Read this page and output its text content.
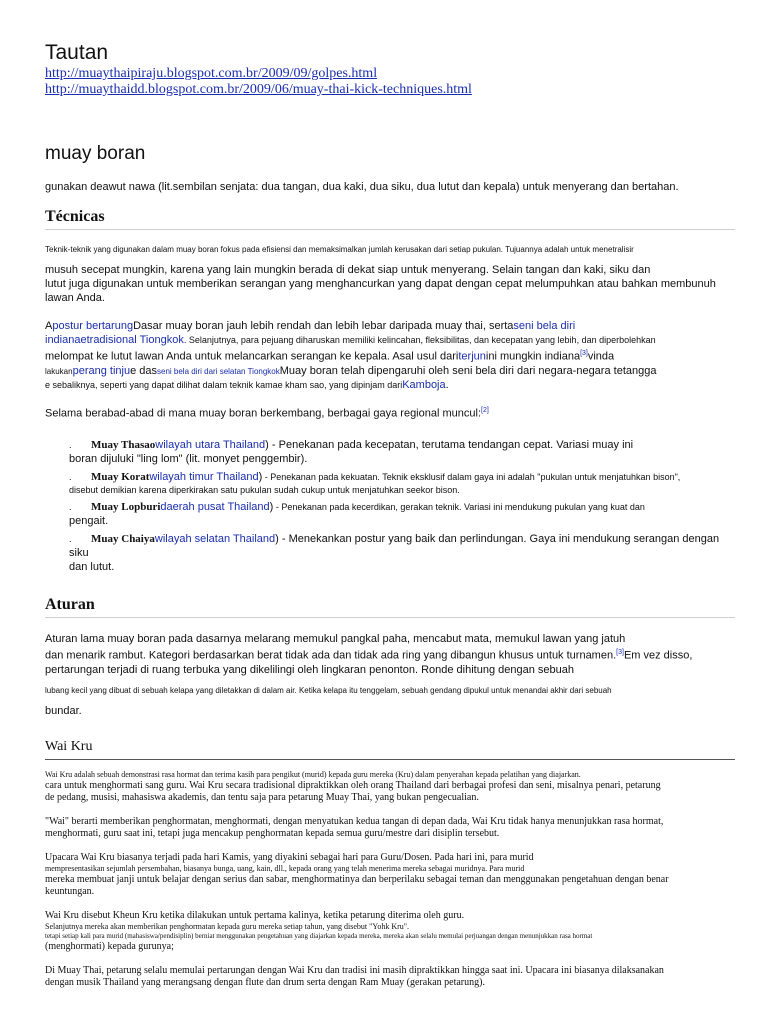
Tautan
http://muaythaipiraju.blogspot.com.br/2009/09/golpes.html
http://muaythaidd.blogspot.com.br/2009/06/muay-thai-kick-techniques.html
muay boran

gunakan deawut nawa (lit.sembilan senjata: dua tangan, dua kaki, dua siku, dua lutut dan kepala) untuk menyerang dan bertahan.

Técnicas

Teknik-teknik yang digunakan dalam muay boran fokus pada efisiensi dan memaksimalkan jumlah kerusakan dari setiap pukulan. Tujuannya adalah untuk menetralisir

musuh secepat mungkin, karena yang lain mungkin berada di dekat siap untuk menyerang. Selain tangan dan kaki, siku dan

lutut juga digunakan untuk memberikan serangan yang menghancurkan yang dapat dengan cepat melumpuhkan atau bahkan membunuh lawan Anda.

Apostur bertarungDasar muay boran jauh lebih rendah dan lebih lebar daripada muay thai, sertaseni bela diri

indianaetradisional Tiongkok. Selanjutnya, para pejuang diharuskan memiliki kelincahan, fleksibilitas, dan kecepatan yang lebih, dan diperbolehkan

melompat ke lutut lawan Anda untuk melancarkan serangan ke kepala. Asal usul dariterjunini mungkin indiana[3]vinda

lakukanperang tinjue dasseni bela diri dari selatan TiongkokMuay boran telah dipengaruhi oleh seni bela diri dari negara-negara tetangga

e sebaliknya, seperti yang dapat dilihat dalam teknik kamae kham sao, yang dipinjam dariKamboja.

Selama berabad-abad di mana muay boran berkembang, berbagai gaya regional muncul:[2]

. Muay Thasaowilayah utara Thailand) - Penekanan pada kecepatan, terutama tendangan cepat. Variasi muay ini
boran dijuluki "ling lom" (lit. monyet penggembir).
. Muay Koratwilayah timur Thailand) - Penekanan pada kekuatan. Teknik eksklusif dalam gaya ini adalah "pukulan untuk menjatuhkan bison",
disebut demikian karena diperkirakan satu pukulan sudah cukup untuk menjatuhkan seekor bison.
. Muay Lopburidaerah pusat Thailand) - Penekanan pada kecerdikan, gerakan teknik. Variasi ini mendukung pukulan yang kuat dan
pengait.
. Muay Chaiyawilayah selatan Thailand) - Menekankan postur yang baik dan perlindungan. Gaya ini mendukung serangan dengan siku
dan lutut.
Aturan

Aturan lama muay boran pada dasarnya melarang memukul pangkal paha, mencabut mata, memukul lawan yang jatuh

dan menarik rambut. Kategori berdasarkan berat tidak ada dan tidak ada ring yang dibangun khusus untuk turnamen.[3]Em vez disso,

pertarungan terjadi di ruang terbuka yang dikelilingi oleh lingkaran penonton. Ronde dihitung dengan sebuah

lubang kecil yang dibuat di sebuah kelapa yang diletakkan di dalam air. Ketika kelapa itu tenggelam, sebuah gendang dipukul untuk menandai akhir dari sebuah

bundar.

Wai Kru

Wai Kru adalah sebuah demonstrasi rasa hormat dan terima kasih para pengikut (murid) kepada guru mereka (Kru) dalam penyerahan kepada pelatihan yang diajarkan.

cara untuk menghormati sang guru. Wai Kru secara tradisional dipraktikkan oleh orang Thailand dari berbagai profesi dan seni, misalnya penari, petarung

de pedang, musisi, mahasiswa akademis, dan tentu saja para petarung Muay Thai, yang bukan pengecualian.

"Wai" berarti memberikan penghormatan, menghormati, dengan menyatukan kedua tangan di depan dada, Wai Kru tidak hanya menunjukkan rasa hormat,

menghormati, guru saat ini, tetapi juga mencakup penghormatan kepada semua guru/mestre dari disiplin tersebut.

Upacara Wai Kru biasanya terjadi pada hari Kamis, yang diyakini sebagai hari para Guru/Dosen. Pada hari ini, para murid

mempresentasikan sejumlah persembahan, biasanya bunga, uang, kain, dll., kepada orang yang telah menerima mereka sebagai muridnya. Para murid

mereka membuat janji untuk belajar dengan serius dan sabar, menghormatinya dan berperilaku sebagai teman dan menggunakan pengetahuan dengan benar

keuntungan.

Wai Kru disebut Kheun Kru ketika dilakukan untuk pertama kalinya, ketika petarung diterima oleh guru.

Selanjutnya mereka akan memberikan penghormatan kepada guru mereka setiap tahun, yang disebut "Yohk Kru".

tetapi setiap kali para murid (mahasiswa/pendisiplin) berniat menggunakan pengetahuan yang diajarkan kepada mereka, mereka akan selalu memulai perjuangan dengan menunjukkan rasa hormat

(menghormati) kepada gurunya;

Di Muay Thai, petarung selalu memulai pertarungan dengan Wai Kru dan tradisi ini masih dipraktikkan hingga saat ini. Upacara ini biasanya dilaksanakan

dengan musik Thailand yang merangsang dengan flute dan drum serta dengan Ram Muay (gerakan petarung).
